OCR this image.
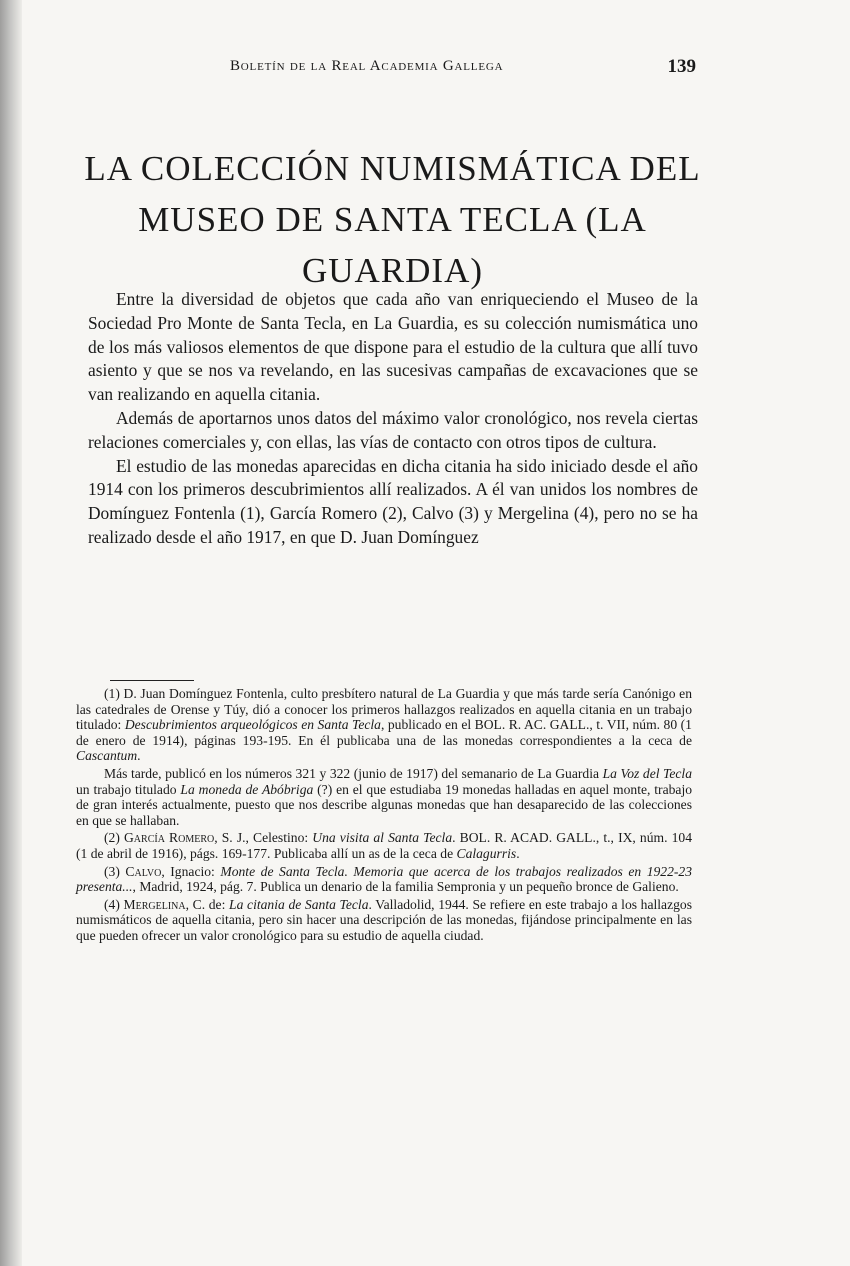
Boletín de la Real Academia Gallega	139
LA COLECCIÓN NUMISMÁTICA DEL
MUSEO DE SANTA TECLA (LA GUARDIA)

Entre la diversidad de objetos que cada año van enriqueciendo el Museo de la Sociedad Pro Monte de Santa Tecla, en La Guardia, es su colección numismática uno de los más valiosos elementos de que dispone para el estudio de la cultura que allí tuvo asiento y que se nos va revelando, en las sucesivas campañas de excavaciones que se van realizando en aquella citania.

Además de aportarnos unos datos del máximo valor cronológico, nos revela ciertas relaciones comerciales y, con ellas, las vías de contacto con otros tipos de cultura.

El estudio de las monedas aparecidas en dicha citania ha sido iniciado desde el año 1914 con los primeros descubrimientos allí realizados. A él van unidos los nombres de Domínguez Fontenla (1), García Romero (2), Calvo (3) y Mergelina (4), pero no se ha realizado desde el año 1917, en que D. Juan Domínguez

(1) D. Juan Domínguez Fontenla, culto presbítero natural de La Guardia y que más tarde sería Canónigo en las catedrales de Orense y Túy, dió a conocer los primeros hallazgos realizados en aquella citania en un trabajo titulado: Descubrimientos arqueológicos en Santa Tecla, publicado en el BOL. R. AC. GALL., t. VII, núm. 80 (1 de enero de 1914), páginas 193-195. En él publicaba una de las monedas correspondientes a la ceca de Cascantum.

Más tarde, publicó en los números 321 y 322 (junio de 1917) del semanario de La Guardia La Voz del Tecla un trabajo titulado La moneda de Abóbriga (?) en el que estudiaba 19 monedas halladas en aquel monte, trabajo de gran interés actualmente, puesto que nos describe algunas monedas que han desaparecido de las colecciones en que se hallaban.

(2) García Romero, S. J., Celestino: Una visita al Santa Tecla. BOL. R. ACAD. GALL., t., IX, núm. 104 (1 de abril de 1916), págs. 169-177. Publicaba allí un as de la ceca de Calagurris.

(3) Calvo, Ignacio: Monte de Santa Tecla. Memoria que acerca de los trabajos realizados en 1922-23 presenta..., Madrid, 1924, pág. 7. Publica un denario de la familia Sempronia y un pequeño bronce de Galieno.

(4) Mergelina, C. de: La citania de Santa Tecla. Valladolid, 1944. Se refiere en este trabajo a los hallazgos numismáticos de aquella citania, pero sin hacer una descripción de las monedas, fijándose principalmente en las que pueden ofrecer un valor cronológico para su estudio de aquella ciudad.
